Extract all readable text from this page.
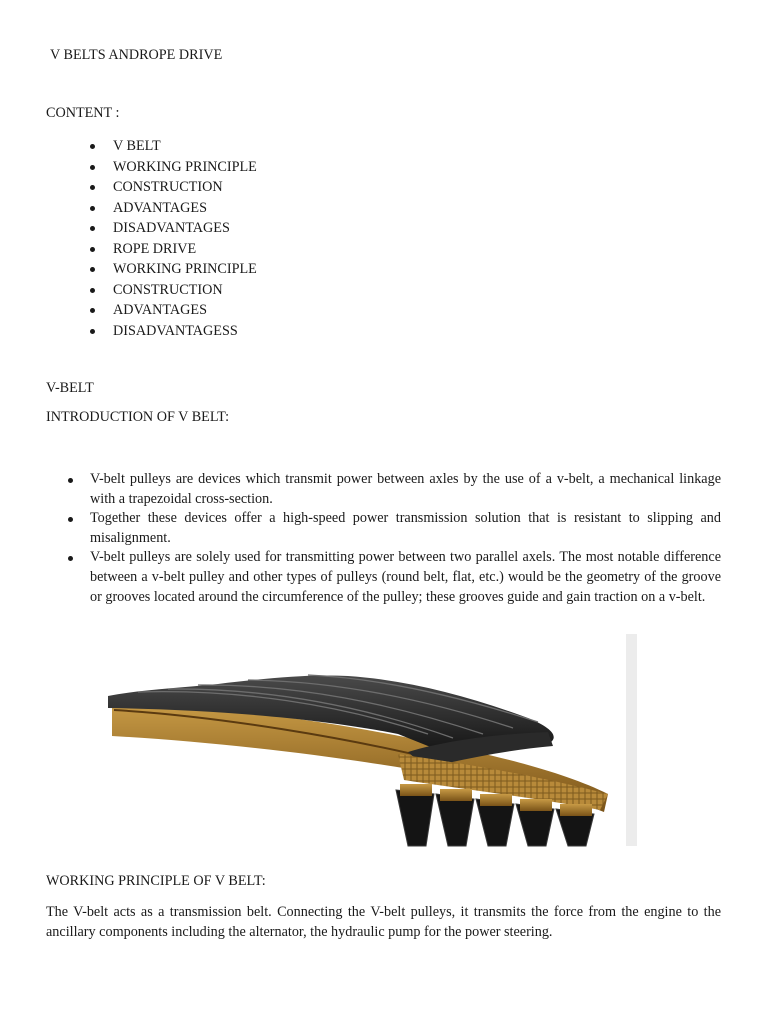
V BELTS ANDROPE DRIVE
CONTENT :
V BELT
WORKING PRINCIPLE
CONSTRUCTION
ADVANTAGES
DISADVANTAGES
ROPE DRIVE
WORKING PRINCIPLE
CONSTRUCTION
ADVANTAGES
DISADVANTAGESS
V-BELT
INTRODUCTION OF V BELT:
V-belt pulleys are devices which transmit power between axles by the use of a v-belt, a mechanical linkage with a trapezoidal cross-section.
Together these devices offer a high-speed power transmission solution that is resistant to slipping and misalignment.
V-belt pulleys are solely used for transmitting power between two parallel axels. The most notable difference between a v-belt pulley and other types of pulleys (round belt, flat, etc.) would be the geometry of the groove or grooves located around the circumference of the pulley; these grooves guide and gain traction on a v-belt.
WORKING PRINCIPLE OF V BELT:
The V-belt acts as a transmission belt. Connecting the V-belt pulleys, it transmits the force from the engine to the ancillary components including the alternator, the hydraulic pump for the power steering.
